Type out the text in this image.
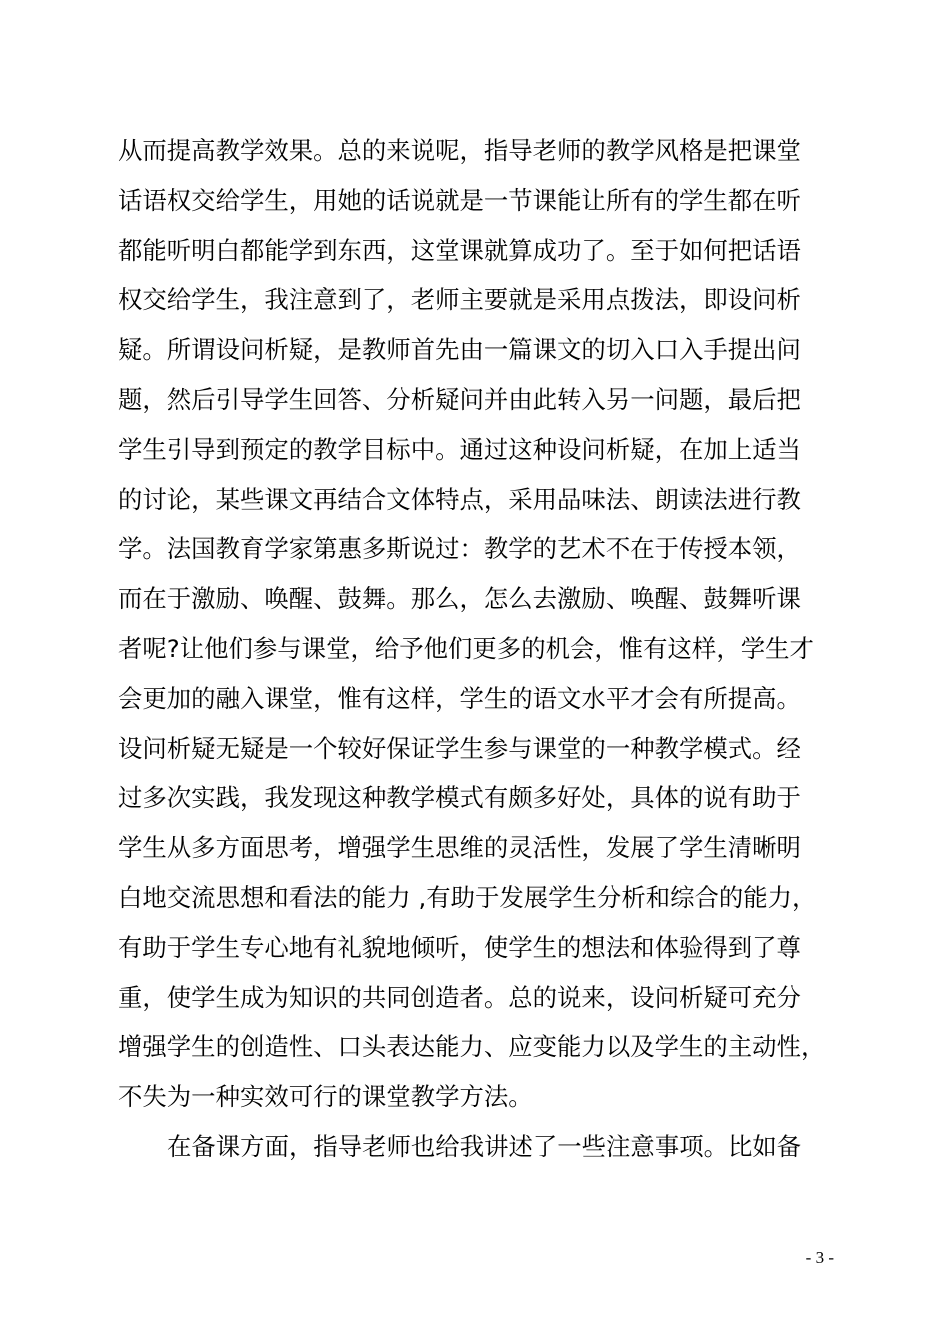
从而提高教学效果。总的来说呢，指导老师的教学风格是把课堂
话语权交给学生，用她的话说就是一节课能让所有的学生都在听
都能听明白都能学到东西，这堂课就算成功了。至于如何把话语
权交给学生，我注意到了，老师主要就是采用点拨法，即设问析
疑。所谓设问析疑，是教师首先由一篇课文的切入口入手提出问
题，然后引导学生回答、分析疑问并由此转入另一问题，最后把
学生引导到预定的教学目标中。通过这种设问析疑，在加上适当
的讨论，某些课文再结合文体特点，采用品味法、朗读法进行教
学。法国教育学家第惠多斯说过：教学的艺术不在于传授本领，
而在于激励、唤醒、鼓舞。那么，怎么去激励、唤醒、鼓舞听课
者呢?让他们参与课堂，给予他们更多的机会，惟有这样，学生才
会更加的融入课堂，惟有这样，学生的语文水平才会有所提高。
设问析疑无疑是一个较好保证学生参与课堂的一种教学模式。经
过多次实践，我发现这种教学模式有颇多好处，具体的说有助于
学生从多方面思考，增强学生思维的灵活性，发展了学生清晰明
白地交流思想和看法的能力 ,有助于发展学生分析和综合的能力，
有助于学生专心地有礼貌地倾听，使学生的想法和体验得到了尊
重，使学生成为知识的共同创造者。总的说来，设问析疑可充分
增强学生的创造性、口头表达能力、应变能力以及学生的主动性，
不失为一种实效可行的课堂教学方法。
在备课方面，指导老师也给我讲述了一些注意事项。比如备
- 3 -
